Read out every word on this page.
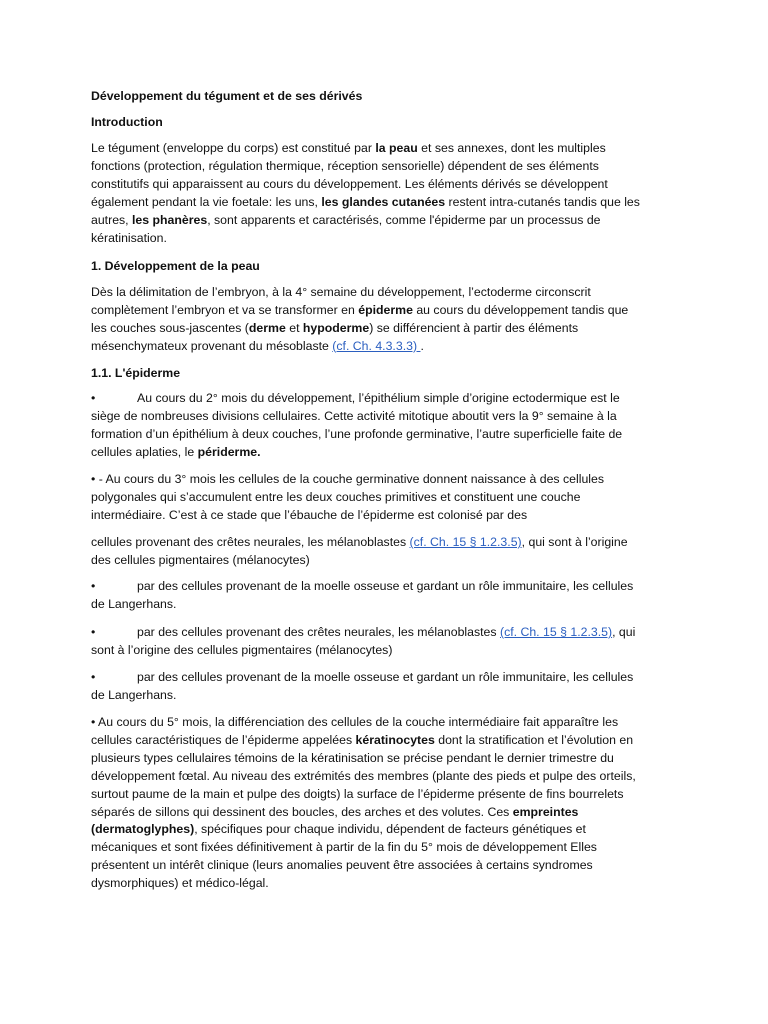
Développement du tégument et de ses dérivés

Introduction

Le tégument (enveloppe du corps) est constitué par la peau et ses annexes, dont les multiples
fonctions (protection, régulation thermique, réception sensorielle) dépendent de ses éléments
constitutifs qui apparaissent au cours du développement. Les éléments dérivés se développent
également pendant la vie foetale: les uns, les glandes cutanées restent intra-cutanés tandis que les
autres, les phanères, sont apparents et caractérisés, comme l'épiderme par un processus de
kératinisation.

1. Développement de la peau

Dès la délimitation de l’embryon, à la 4° semaine du développement, l’ectoderme circonscrit
complètement l’embryon et va se transformer en épiderme au cours du développement tandis que
les couches sous-jascentes (derme et hypoderme) se différencient à partir des éléments
mésenchymateux provenant du mésoblaste (cf. Ch. 4.3.3.3) .

1.1. L'épiderme

•	Au cours du 2° mois du développement, l’épithélium simple d’origine ectodermique est le
siège de nombreuses divisions cellulaires. Cette activité mitotique aboutit vers la 9° semaine à la
formation d’un épithélium à deux couches, l’une profonde germinative, l’autre superficielle faite de
cellules aplaties, le périderme.
• - Au cours du 3° mois les cellules de la couche germinative donnent naissance à des cellules
polygonales qui s’accumulent entre les deux couches primitives et constituent une couche
intermédiaire. C’est à ce stade que l’ébauche de l’épiderme est colonisé par des
cellules provenant des crêtes neurales, les mélanoblastes (cf. Ch. 15 § 1.2.3.5), qui sont à l’origine
des cellules pigmentaires (mélanocytes)
•	par des cellules provenant de la moelle osseuse et gardant un rôle immunitaire, les cellules
de Langerhans.
•	par des cellules provenant des crêtes neurales, les mélanoblastes (cf. Ch. 15 § 1.2.3.5), qui
sont à l’origine des cellules pigmentaires (mélanocytes)
•	par des cellules provenant de la moelle osseuse et gardant un rôle immunitaire, les cellules
de Langerhans.
• Au cours du 5° mois, la différenciation des cellules de la couche intermédiaire fait apparaître les
cellules caractéristiques de l’épiderme appelées kératinocytes dont la stratification et l’évolution en
plusieurs types cellulaires témoins de la kératinisation se précise pendant le dernier trimestre du
développement fœtal. Au niveau des extrémités des membres (plante des pieds et pulpe des orteils,
surtout paume de la main et pulpe des doigts) la surface de l’épiderme présente de fins bourrelets
séparés de sillons qui dessinent des boucles, des arches et des volutes. Ces empreintes
(dermatoglyphes), spécifiques pour chaque individu, dépendent de facteurs génétiques et
mécaniques et sont fixées définitivement à partir de la fin du 5° mois de développement Elles
présentent un intérêt clinique (leurs anomalies peuvent être associées à certains syndromes
dysmorphiques) et médico-légal.
